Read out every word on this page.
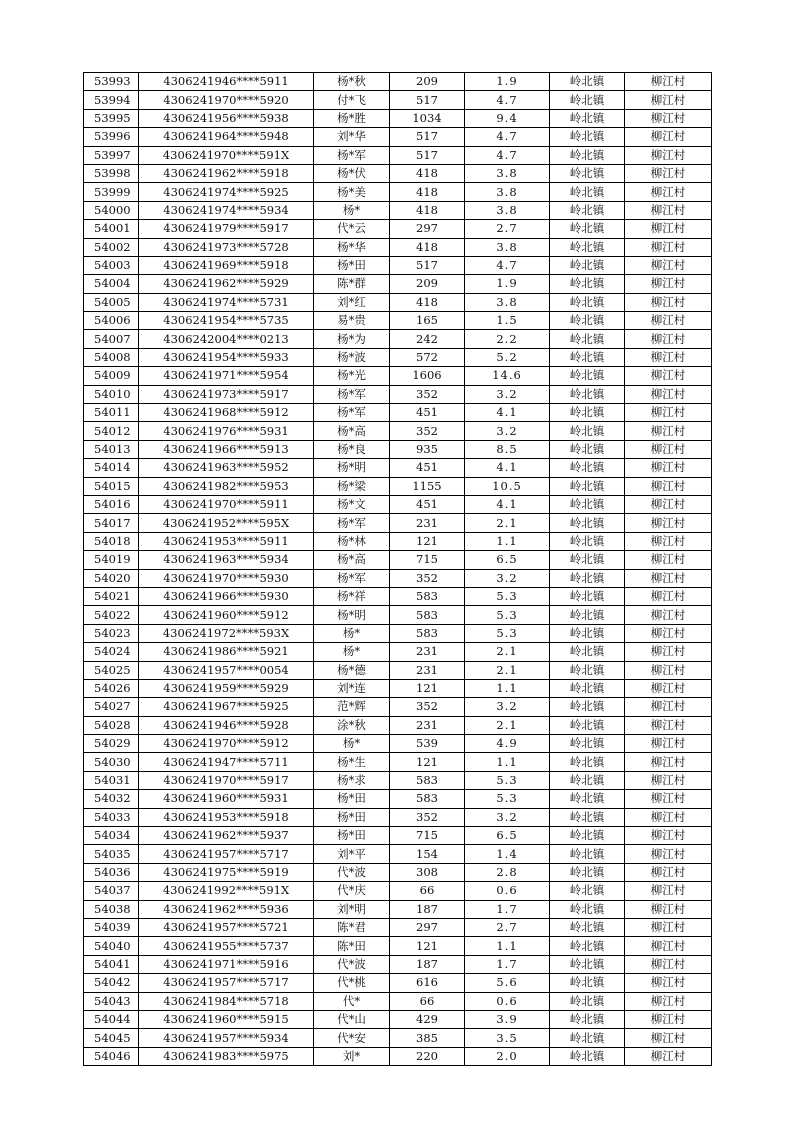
53993	4306241946****5911	杨*秋	209	1.9	岭北镇	柳江村
53994	4306241970****5920	付*飞	517	4.7	岭北镇	柳江村
53995	4306241956****5938	杨*胜	1034	9.4	岭北镇	柳江村
53996	4306241964****5948	刘*华	517	4.7	岭北镇	柳江村
53997	4306241970****591X	杨*军	517	4.7	岭北镇	柳江村
53998	4306241962****5918	杨*伏	418	3.8	岭北镇	柳江村
53999	4306241974****5925	杨*美	418	3.8	岭北镇	柳江村
54000	4306241974****5934	杨*	418	3.8	岭北镇	柳江村
54001	4306241979****5917	代*云	297	2.7	岭北镇	柳江村
54002	4306241973****5728	杨*华	418	3.8	岭北镇	柳江村
54003	4306241969****5918	杨*田	517	4.7	岭北镇	柳江村
54004	4306241962****5929	陈*群	209	1.9	岭北镇	柳江村
54005	4306241974****5731	刘*红	418	3.8	岭北镇	柳江村
54006	4306241954****5735	易*贵	165	1.5	岭北镇	柳江村
54007	4306242004****0213	杨*为	242	2.2	岭北镇	柳江村
54008	4306241954****5933	杨*波	572	5.2	岭北镇	柳江村
54009	4306241971****5954	杨*光	1606	14.6	岭北镇	柳江村
54010	4306241973****5917	杨*军	352	3.2	岭北镇	柳江村
54011	4306241968****5912	杨*军	451	4.1	岭北镇	柳江村
54012	4306241976****5931	杨*高	352	3.2	岭北镇	柳江村
54013	4306241966****5913	杨*良	935	8.5	岭北镇	柳江村
54014	4306241963****5952	杨*明	451	4.1	岭北镇	柳江村
54015	4306241982****5953	杨*梁	1155	10.5	岭北镇	柳江村
54016	4306241970****5911	杨*文	451	4.1	岭北镇	柳江村
54017	4306241952****595X	杨*军	231	2.1	岭北镇	柳江村
54018	4306241953****5911	杨*林	121	1.1	岭北镇	柳江村
54019	4306241963****5934	杨*高	715	6.5	岭北镇	柳江村
54020	4306241970****5930	杨*军	352	3.2	岭北镇	柳江村
54021	4306241966****5930	杨*祥	583	5.3	岭北镇	柳江村
54022	4306241960****5912	杨*明	583	5.3	岭北镇	柳江村
54023	4306241972****593X	杨*	583	5.3	岭北镇	柳江村
54024	4306241986****5921	杨*	231	2.1	岭北镇	柳江村
54025	4306241957****0054	杨*德	231	2.1	岭北镇	柳江村
54026	4306241959****5929	刘*连	121	1.1	岭北镇	柳江村
54027	4306241967****5925	范*辉	352	3.2	岭北镇	柳江村
54028	4306241946****5928	涂*秋	231	2.1	岭北镇	柳江村
54029	4306241970****5912	杨*	539	4.9	岭北镇	柳江村
54030	4306241947****5711	杨*生	121	1.1	岭北镇	柳江村
54031	4306241970****5917	杨*求	583	5.3	岭北镇	柳江村
54032	4306241960****5931	杨*田	583	5.3	岭北镇	柳江村
54033	4306241953****5918	杨*田	352	3.2	岭北镇	柳江村
54034	4306241962****5937	杨*田	715	6.5	岭北镇	柳江村
54035	4306241957****5717	刘*平	154	1.4	岭北镇	柳江村
54036	4306241975****5919	代*波	308	2.8	岭北镇	柳江村
54037	4306241992****591X	代*庆	66	0.6	岭北镇	柳江村
54038	4306241962****5936	刘*明	187	1.7	岭北镇	柳江村
54039	4306241957****5721	陈*君	297	2.7	岭北镇	柳江村
54040	4306241955****5737	陈*田	121	1.1	岭北镇	柳江村
54041	4306241971****5916	代*波	187	1.7	岭北镇	柳江村
54042	4306241957****5717	代*桃	616	5.6	岭北镇	柳江村
54043	4306241984****5718	代*	66	0.6	岭北镇	柳江村
54044	4306241960****5915	代*山	429	3.9	岭北镇	柳江村
54045	4306241957****5934	代*安	385	3.5	岭北镇	柳江村
54046	4306241983****5975	刘*	220	2.0	岭北镇	柳江村
